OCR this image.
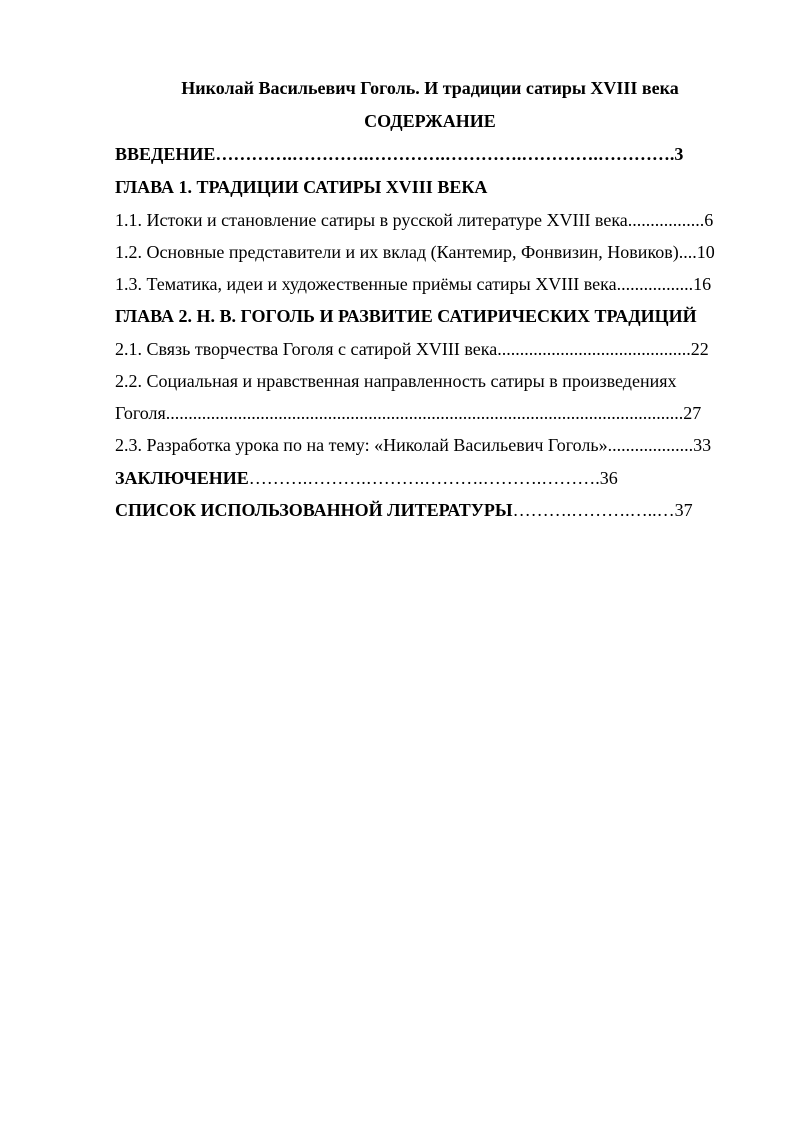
Николай Васильевич Гоголь. И традиции сатиры XVIII века
СОДЕРЖАНИЕ
ВВЕДЕНИЕ………….………….………….………….………….………….3
ГЛАВА 1. ТРАДИЦИИ САТИРЫ XVIII ВЕКА
1.1. Истоки и становление сатиры в русской литературе XVIII века.................6
1.2. Основные представители и их вклад (Кантемир, Фонвизин, Новиков)....10
1.3. Тематика, идеи и художественные приёмы сатиры XVIII века.................16
ГЛАВА 2. Н. В. ГОГОЛЬ И РАЗВИТИЕ САТИРИЧЕСКИХ ТРАДИЦИЙ
2.1. Связь творчества Гоголя с сатирой XVIII века...........................................22
2.2. Социальная и нравственная направленность сатиры в произведениях
Гоголя...................................................................................................................27
2.3. Разработка урока по на тему: «Николай Васильевич Гоголь»...................33
ЗАКЛЮЧЕНИЕ……….……….……….……….……….……….36
СПИСОК ИСПОЛЬЗОВАННОЙ ЛИТЕРАТУРЫ……….……….…..…37
